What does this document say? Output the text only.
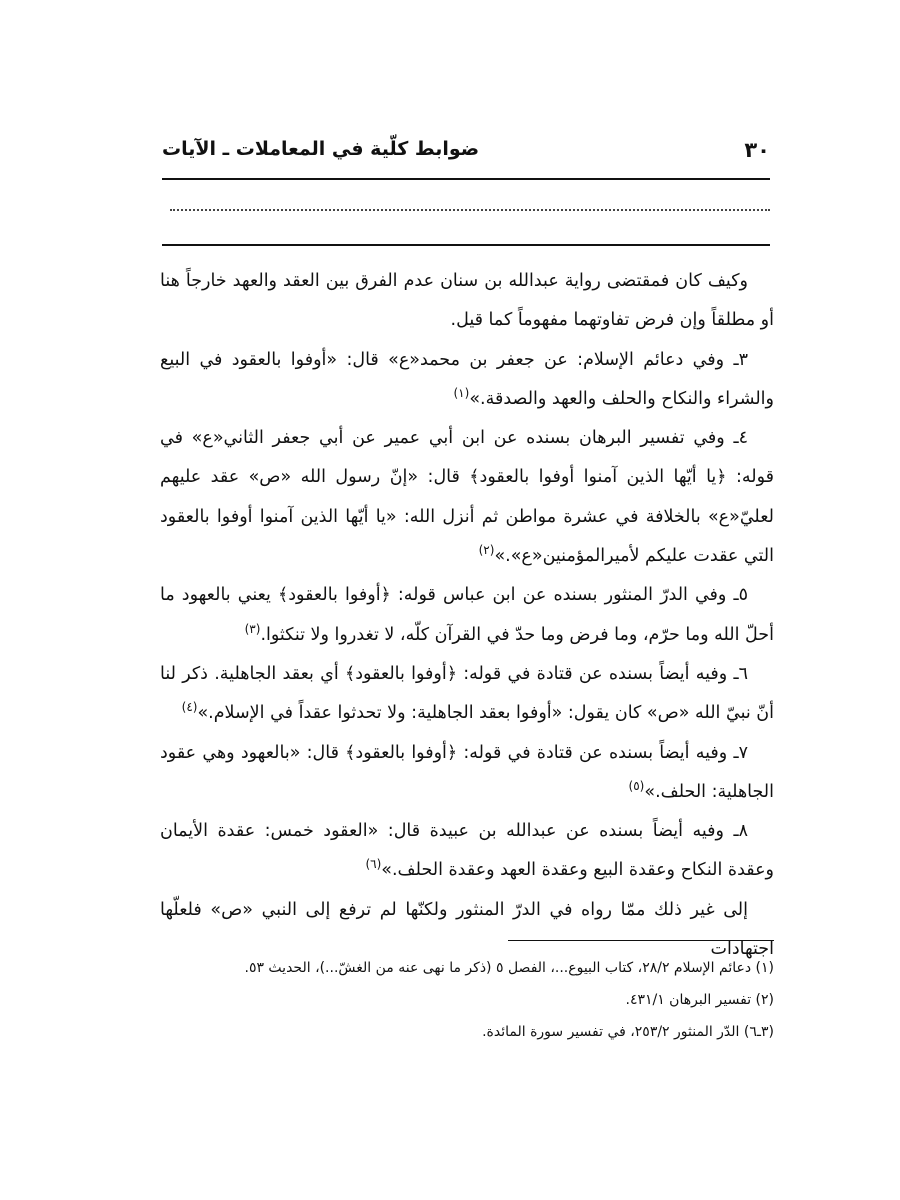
٣٠
ضوابط كلّية في المعاملات ـ الآيات

وكيف كان فمقتضى رواية عبدالله بن سنان عدم الفرق بين العقد والعهد خارجاً هنا أو مطلقاً وإن فرض تفاوتهما مفهوماً كما قيل.

٣ـ وفي دعائم الإسلام: عن جعفر بن محمد«ع» قال: «أوفوا بالعقود في البيع والشراء والنكاح والحلف والعهد والصدقة.»$^{(١)}$

٤ـ وفي تفسير البرهان بسنده عن ابن أبي عمير عن أبي جعفر الثاني«ع» في قوله: ﴿يا أيّها الذين آمنوا أوفوا بالعقود﴾ قال: «إنّ رسول الله «ص» عقد عليهم لعليّ«ع» بالخلافة في عشرة مواطن ثم أنزل الله: «يا أيّها الذين آمنوا أوفوا بالعقود التي عقدت عليكم لأميرالمؤمنين«ع».»$^{(٢)}$

٥ـ وفي الدرّ المنثور بسنده عن ابن عباس قوله: ﴿أوفوا بالعقود﴾ يعني بالعهود ما أحلّ الله وما حرّم، وما فرض وما حدّ في القرآن كلّه، لا تغدروا ولا تنكثوا.$^{(٣)}$

٦ـ وفيه أيضاً بسنده عن قتادة في قوله: ﴿أوفوا بالعقود﴾ أي بعقد الجاهلية. ذكر لنا أنّ نبيّ الله «ص» كان يقول: «أوفوا بعقد الجاهلية: ولا تحدثوا عقداً في الإسلام.»$^{(٤)}$

٧ـ وفيه أيضاً بسنده عن قتادة في قوله: ﴿أوفوا بالعقود﴾ قال: «بالعهود وهي عقود الجاهلية: الحلف.»$^{(٥)}$

٨ـ وفيه أيضاً بسنده عن عبدالله بن عبيدة قال: «العقود خمس: عقدة الأيمان وعقدة النكاح وعقدة البيع وعقدة العهد وعقدة الحلف.»$^{(٦)}$

إلى غير ذلك ممّا رواه في الدرّ المنثور ولكنّها لم ترفع إلى النبي «ص» فلعلّها اجتهادات

(١) دعائم الإسلام ٢٨/٢، كتاب البيوع...، الفصل ٥ (ذكر ما نهى عنه من الغشّ...)، الحديث ٥٣.

(٢) تفسير البرهان ٤٣١/١.

(٣ـ٦) الدّر المنثور ٢٥٣/٢، في تفسير سورة المائدة.
